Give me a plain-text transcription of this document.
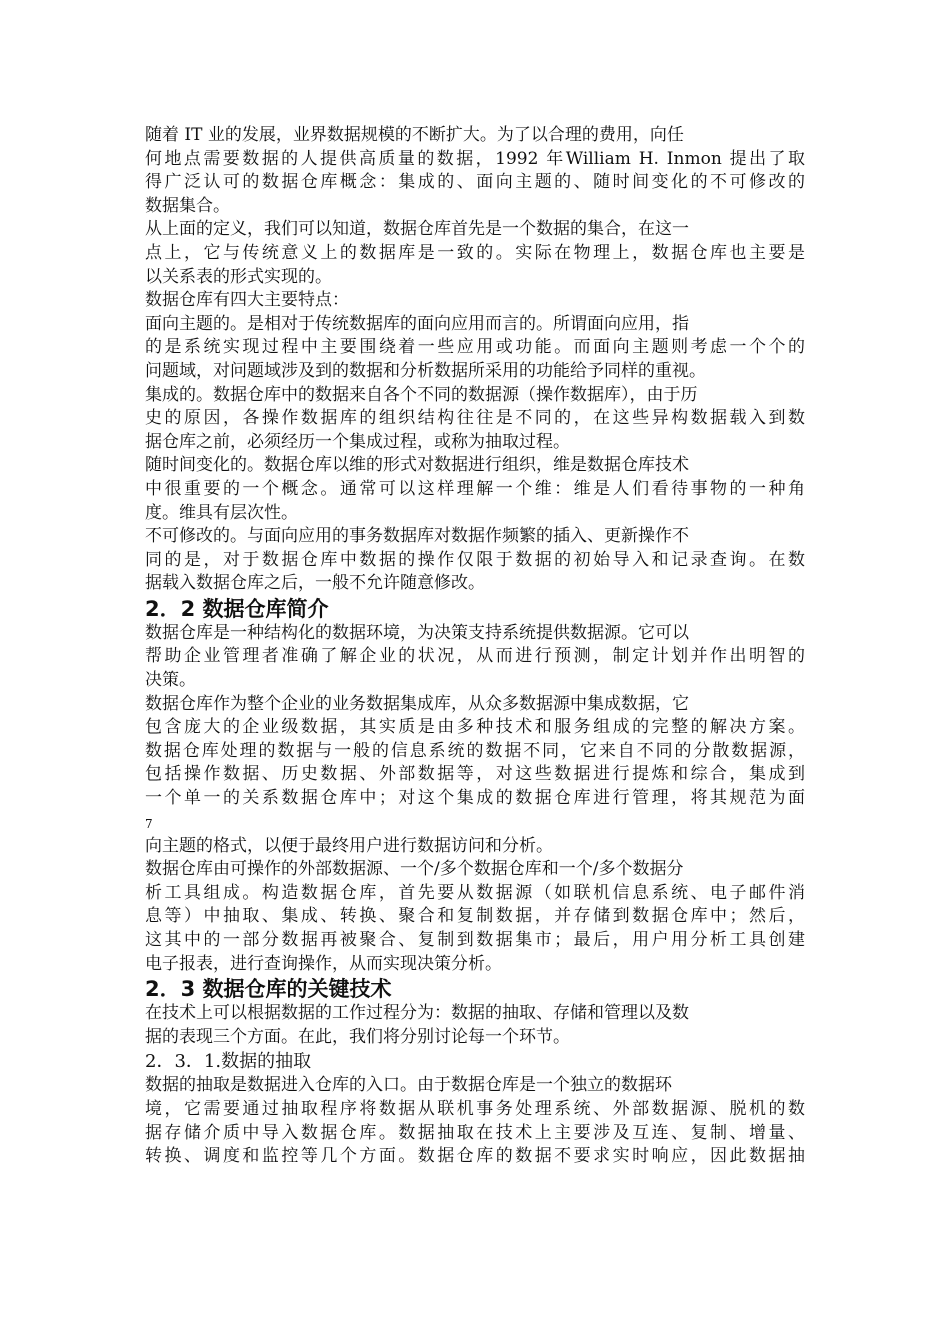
随着 IT 业的发展，业界数据规模的不断扩大。为了以合理的费用，向任
何地点需要数据的人提供高质量的数据，1992 年William H. Inmon 提出了取
得广泛认可的数据仓库概念：集成的、面向主题的、随时间变化的不可修改的
数据集合。
从上面的定义，我们可以知道，数据仓库首先是一个数据的集合，在这一
点上，它与传统意义上的数据库是一致的。实际在物理上，数据仓库也主要是
以关系表的形式实现的。
数据仓库有四大主要特点：
面向主题的。是相对于传统数据库的面向应用而言的。所谓面向应用，指
的是系统实现过程中主要围绕着一些应用或功能。而面向主题则考虑一个个的
问题域，对问题域涉及到的数据和分析数据所采用的功能给予同样的重视。
集成的。数据仓库中的数据来自各个不同的数据源（操作数据库），由于历
史的原因，各操作数据库的组织结构往往是不同的，在这些异构数据载入到数
据仓库之前，必须经历一个集成过程，或称为抽取过程。
随时间变化的。数据仓库以维的形式对数据进行组织，维是数据仓库技术
中很重要的一个概念。通常可以这样理解一个维：维是人们看待事物的一种角
度。维具有层次性。
不可修改的。与面向应用的事务数据库对数据作频繁的插入、更新操作不
同的是，对于数据仓库中数据的操作仅限于数据的初始导入和记录查询。在数
据载入数据仓库之后，一般不允许随意修改。
2．2 数据仓库简介
数据仓库是一种结构化的数据环境，为决策支持系统提供数据源。它可以
帮助企业管理者准确了解企业的状况，从而进行预测，制定计划并作出明智的
决策。
数据仓库作为整个企业的业务数据集成库，从众多数据源中集成数据，它
包含庞大的企业级数据，其实质是由多种技术和服务组成的完整的解决方案。
数据仓库处理的数据与一般的信息系统的数据不同，它来自不同的分散数据源，
包括操作数据、历史数据、外部数据等，对这些数据进行提炼和综合，集成到
一个单一的关系数据仓库中；对这个集成的数据仓库进行管理，将其规范为面
7
向主题的格式，以便于最终用户进行数据访问和分析。
数据仓库由可操作的外部数据源、一个/多个数据仓库和一个/多个数据分
析工具组成。构造数据仓库，首先要从数据源（如联机信息系统、电子邮件消
息等）中抽取、集成、转换、聚合和复制数据，并存储到数据仓库中；然后，
这其中的一部分数据再被聚合、复制到数据集市；最后，用户用分析工具创建
电子报表，进行查询操作，从而实现决策分析。
2．3 数据仓库的关键技术
在技术上可以根据数据的工作过程分为：数据的抽取、存储和管理以及数
据的表现三个方面。在此，我们将分别讨论每一个环节。
2．3．1.数据的抽取
数据的抽取是数据进入仓库的入口。由于数据仓库是一个独立的数据环
境，它需要通过抽取程序将数据从联机事务处理系统、外部数据源、脱机的数
据存储介质中导入数据仓库。数据抽取在技术上主要涉及互连、复制、增量、
转换、调度和监控等几个方面。数据仓库的数据不要求实时响应，因此数据抽
